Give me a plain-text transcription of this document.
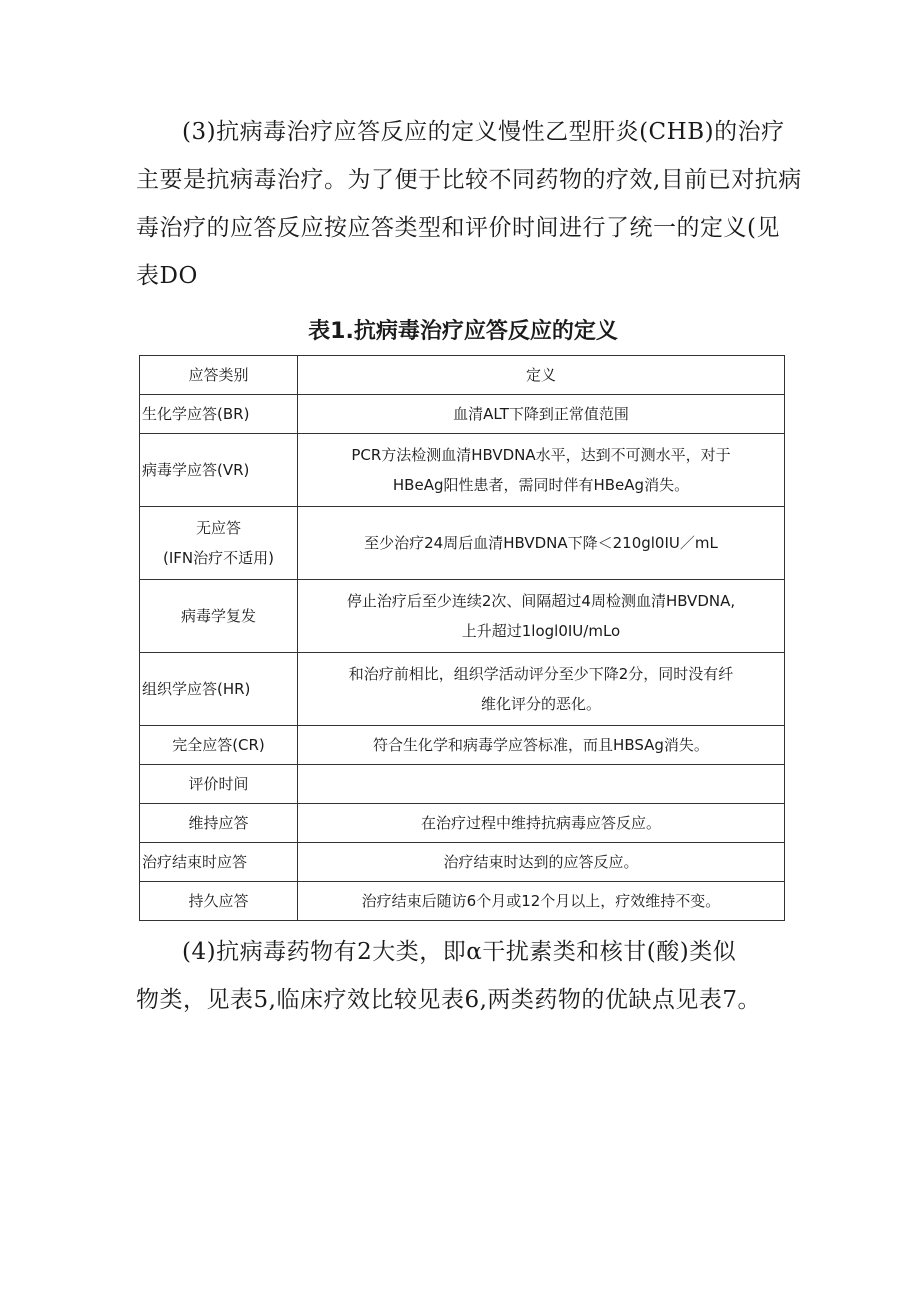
(3)抗病毒治疗应答反应的定义慢性乙型肝炎(CHB)的治疗
主要是抗病毒治疗。为了便于比较不同药物的疗效,目前已对抗病
毒治疗的应答反应按应答类型和评价时间进行了统一的定义(见
表DO
表1.抗病毒治疗应答反应的定义
应答类别	定义
生化学应答(BR)	血清ALT下降到正常值范围
病毒学应答(VR)	PCR方法检测血清HBVDNA水平，达到不可测水平，对于
HBeAg阳性患者，需同时伴有HBeAg消失。

无应答
(IFN治疗不适用)	至少治疗24周后血清HBVDNA下降＜210gl0IU／mL
病毒学复发	停止治疗后至少连续2次、间隔超过4周检测血清HBVDNA,
上升超过1logl0IU/mLo

组织学应答(HR)	和治疗前相比，组织学活动评分至少下降2分，同时没有纤
维化评分的恶化。

完全应答(CR)	符合生化学和病毒学应答标准，而且HBSAg消失。
评价时间	
维持应答	在治疗过程中维持抗病毒应答反应。
治疗结束时应答	治疗结束时达到的应答反应。
持久应答	治疗结束后随访6个月或12个月以上，疗效维持不变。
(4)抗病毒药物有2大类，即α干扰素类和核甘(酸)类似
物类，见表5,临床疗效比较见表6,两类药物的优缺点见表7。
